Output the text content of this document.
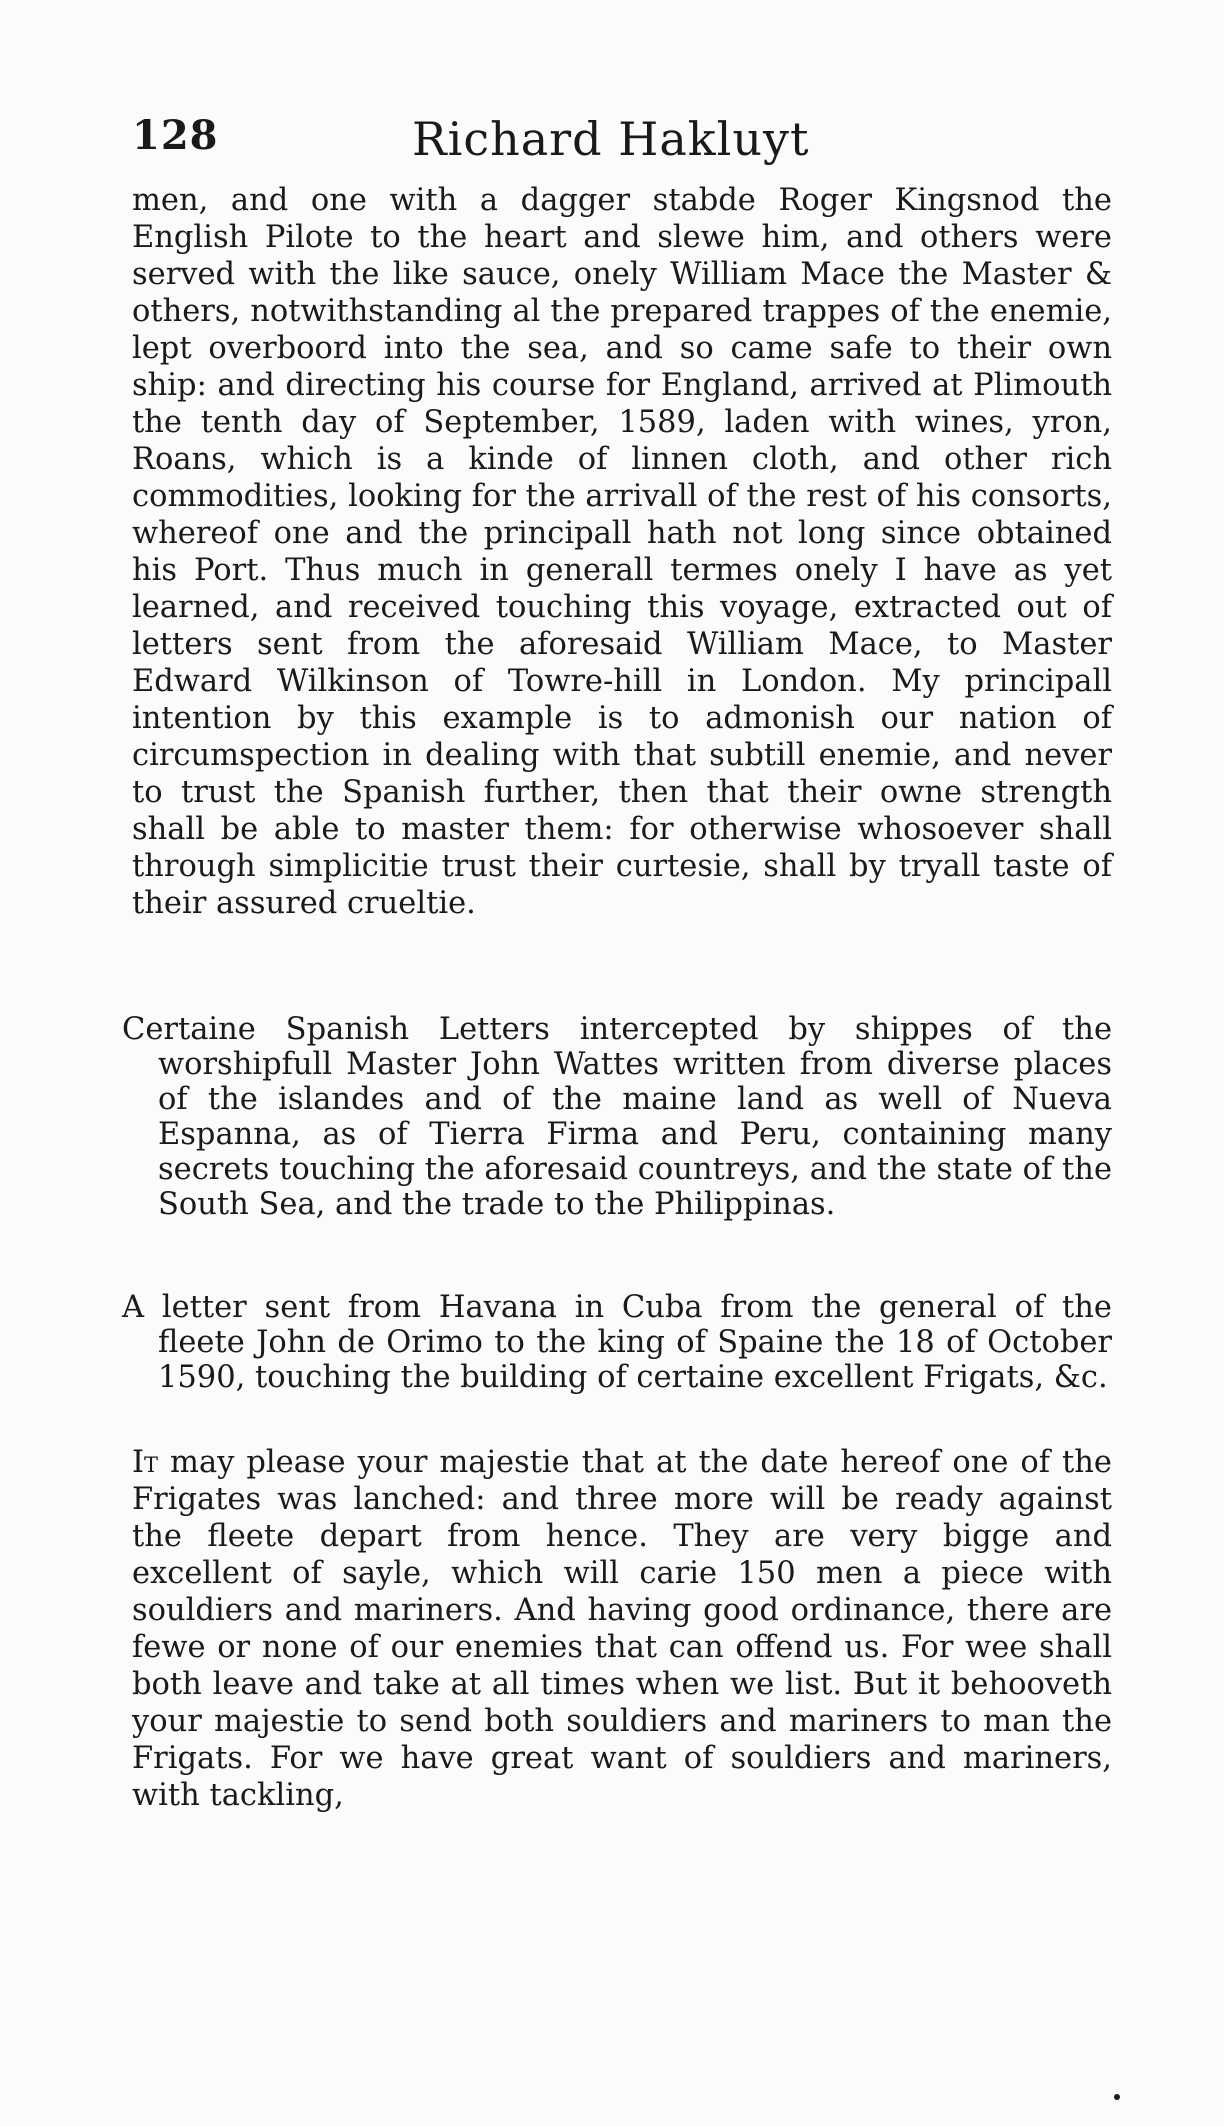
128	Richard Hakluyt

men, and one with a dagger stabde Roger Kingsnod the English Pilote to the heart and slewe him, and others were served with the like sauce, onely William Mace the Master & others, notwithstanding al the prepared trappes of the enemie, lept overboord into the sea, and so came safe to their own ship: and directing his course for England, arrived at Plimouth the tenth day of September, 1589, laden with wines, yron, Roans, which is a kinde of linnen cloth, and other rich commodities, looking for the arrivall of the rest of his consorts, whereof one and the principall hath not long since obtained his Port. Thus much in generall termes onely I have as yet learned, and received touching this voyage, extracted out of letters sent from the aforesaid William Mace, to Master Edward Wilkinson of Towre-hill in London. My principall intention by this example is to admonish our nation of circumspection in dealing with that subtill enemie, and never to trust the Spanish further, then that their owne strength shall be able to master them: for otherwise whosoever shall through simplicitie trust their curtesie, shall by tryall taste of their assured crueltie.

Certaine Spanish Letters intercepted by shippes of the worshipfull Master John Wattes written from diverse places of the islandes and of the maine land as well of Nueva Espanna, as of Tierra Firma and Peru, containing many secrets touching the aforesaid countreys, and the state of the South Sea, and the trade to the Philippinas.

A letter sent from Havana in Cuba from the general of the fleete John de Orimo to the king of Spaine the 18 of October 1590, touching the building of certaine excellent Frigats, &c.

It may please your majestie that at the date hereof one of the Frigates was lanched: and three more will be ready against the fleete depart from hence. They are very bigge and excellent of sayle, which will carie 150 men a piece with souldiers and mariners. And having good ordinance, there are fewe or none of our enemies that can offend us. For wee shall both leave and take at all times when we list. But it behooveth your majestie to send both souldiers and mariners to man the Frigats. For we have great want of souldiers and mariners, with tackling,
